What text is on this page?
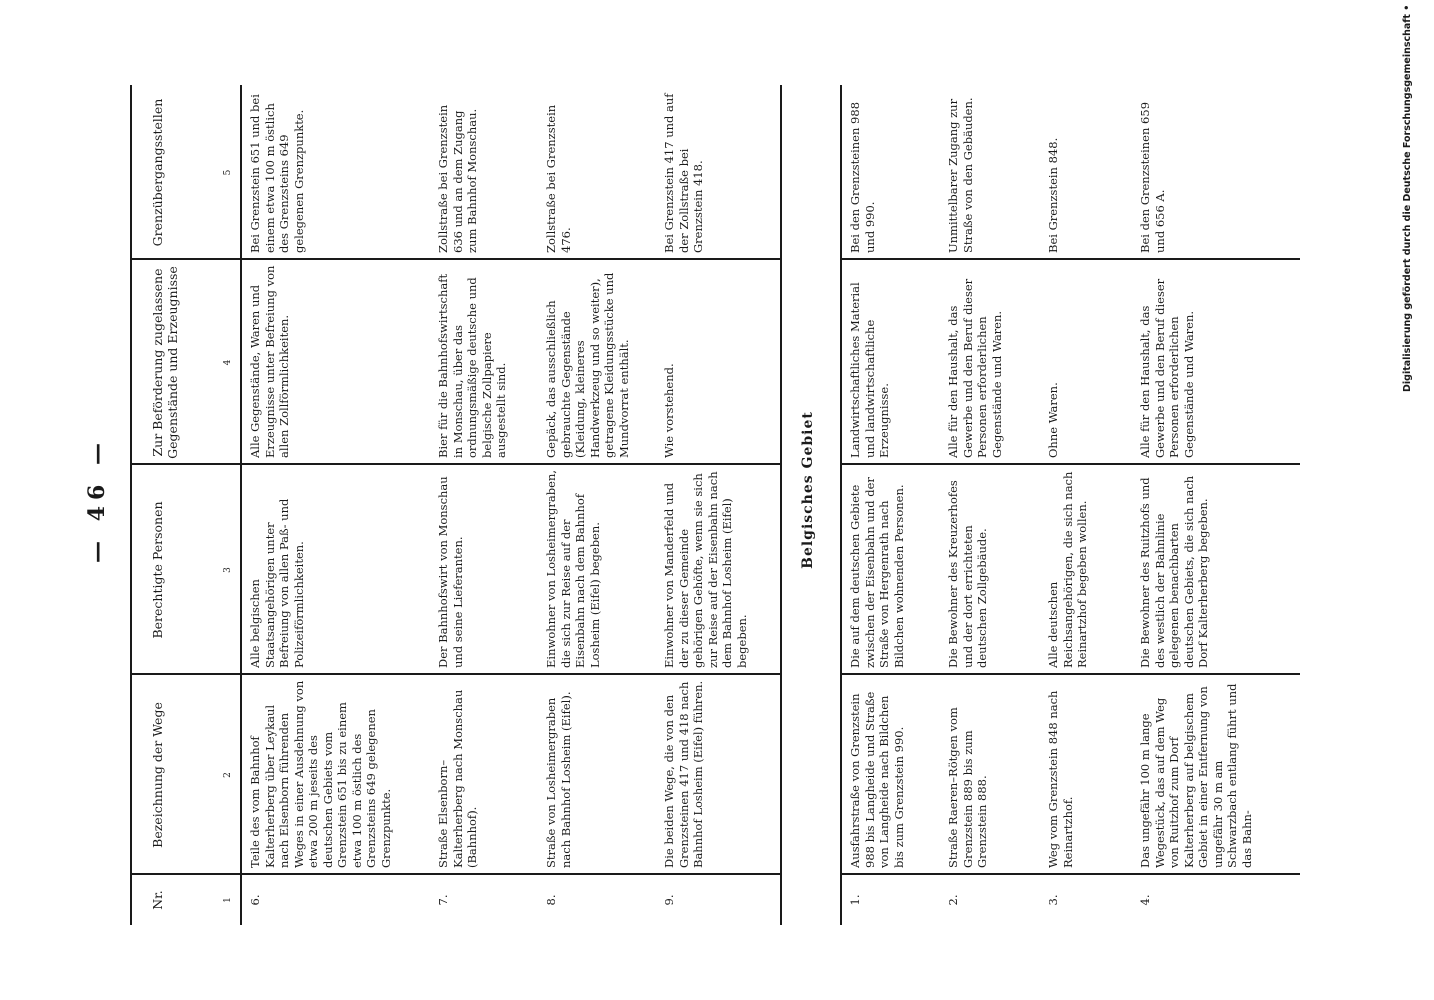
— 46 —
Nr.	1
Bezeichnung der Wege	2
Berechtigte Personen	3
Zur Beförderung zugelassene Gegenstände und Erzeugnisse	4
Grenzübergangsstellen	5
6.
Teile des vom Bahnhof Kalterherberg über Leykaul nach Elsenborn führenden Weges in einer Ausdehnung von etwa 200 m jeseits des deutschen Gebiets vom Grenzstein 651 bis zu einem etwa 100 m östlich des Grenzsteins 649 gelegenen Grenzpunkte.
Alle belgischen Staatsangehörigen unter Befreiung von allen Paß- und Polizeiförmlichkeiten.
Alle Gegenstände, Waren und Erzeugnisse unter Befreiung von allen Zollförmlichkeiten.
Bei Grenzstein 651 und bei einem etwa 100 m östlich des Grenzsteins 649 gelegenen Grenzpunkte.
7.
Straße Elsenborn–Kalterherberg nach Monschau (Bahnhof).
Der Bahnhofswirt von Monschau und seine Lieferanten.
Bier für die Bahnhofswirtschaft in Monschau, über das ordnungsmäßige deutsche und belgische Zollpapiere ausgestellt sind.
Zollstraße bei Grenzstein 636 und an dem Zugang zum Bahnhof Monschau.
8.
Straße von Losheimergraben nach Bahnhof Losheim (Eifel).
Einwohner von Losheimergraben, die sich zur Reise auf der Eisenbahn nach dem Bahnhof Losheim (Eifel) begeben.
Gepäck, das ausschließlich gebrauchte Gegenstände (Kleidung, kleineres Handwerkzeug und so weiter), getragene Kleidungsstücke und Mundvorrat enthält.
Zollstraße bei Grenzstein 476.
9.
Die beiden Wege, die von den Grenzsteinen 417 und 418 nach Bahnhof Losheim (Eifel) führen.
Einwohner von Manderfeld und der zu dieser Gemeinde gehörigen Gehöfte, wenn sie sich zur Reise auf der Eisenbahn nach dem Bahnhof Losheim (Eifel) begeben.
Wie vorstehend.
Bei Grenzstein 417 und auf der Zollstraße bei Grenzstein 418.
Belgisches Gebiet
1.
Ausfahrstraße von Grenzstein 988 bis Langheide und Straße von Langheide nach Bildchen bis zum Grenzstein 990.
Die auf dem deutschen Gebiete zwischen der Eisenbahn und der Straße von Hergenrath nach Bildchen wohnenden Personen.
Landwirtschaftliches Material und landwirtschaftliche Erzeugnisse.
Bei den Grenzsteinen 988 und 990.
2.
Straße Raeren–Rötgen vom Grenzstein 889 bis zum Grenzstein 888.
Die Bewohner des Kreuzerhofes und der dort errichteten deutschen Zollgebäude.
Alle für den Haushalt, das Gewerbe und den Beruf dieser Personen erforderlichen Gegenstände und Waren.
Unmittelbarer Zugang zur Straße von den Gebäuden.
3.
Weg vom Grenzstein 848 nach Reinartzhof.
Alle deutschen Reichsangehörigen, die sich nach Reinartzhof begeben wollen.
Ohne Waren.
Bei Grenzstein 848.
4.
Das ungefähr 100 m lange Wegestück, das auf dem Weg von Ruitzhof zum Dorf Kalterherberg auf belgischem Gebiet in einer Entfernung von ungefähr 30 m am Schwarzbach entlang führt und das Bahn-
Die Bewohner des Ruitzhofs und des westlich der Bahnlinie gelegenen benachbarten deutschen Gebiets, die sich nach Dorf Kalterherberg begeben.
Alle für den Haushalt, das Gewerbe und den Beruf dieser Personen erforderlichen Gegenstände und Waren.
Bei den Grenzsteinen 659 und 656 A.	Digitalisierung gefördert durch die Deutsche Forschungsgemeinschaft •
